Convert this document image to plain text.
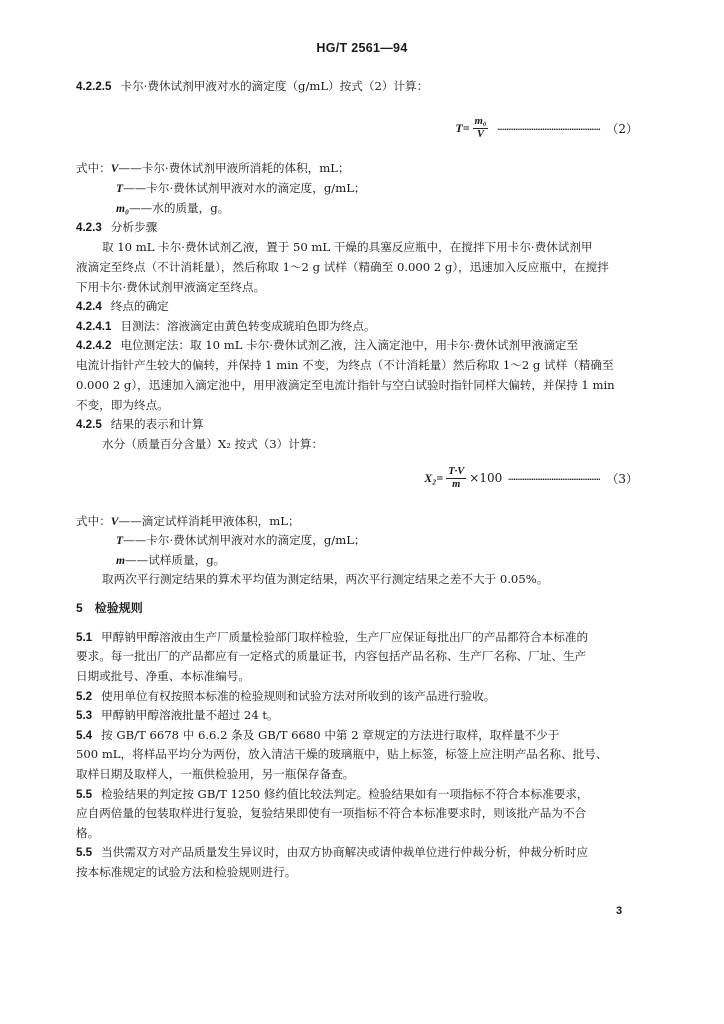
HG/T 2561—94
4.2.2.5 卡尔·费休试剂甲液对水的滴定度（g/mL）按式（2）计算：
$T= \frac{\text{m₀}}{V}$ ………………………………………………… （2）
式中：V——卡尔·费休试剂甲液所消耗的体积，mL；
T——卡尔·费休试剂甲液对水的滴定度，g/mL；
m₀——水的质量，g。
4.2.3 分析步骤
取 10 mL 卡尔·费休试剂乙液，置于 50 mL 干燥的具塞反应瓶中，在搅拌下用卡尔·费休试剂甲
液滴定至终点（不计消耗量），然后称取 1～2 g 试样（精确至 0.000 2 g），迅速加入反应瓶中，在搅拌
下用卡尔·费休试剂甲液滴定至终点。
4.2.4 终点的确定
4.2.4.1 目测法：溶液滴定由黄色转变成琥珀色即为终点。
4.2.4.2 电位测定法：取 10 mL 卡尔·费休试剂乙液，注入滴定池中，用卡尔·费休试剂甲液滴定至
电流计指针产生较大的偏转，并保持 1 min 不变，为终点（不计消耗量）然后称取 1～2 g 试样（精确至
0.000 2 g），迅速加入滴定池中，用甲液滴定至电流计指针与空白试验时指针同样大偏转，并保持 1 min
不变，即为终点。
4.2.5 结果的表示和计算
水分（质量百分含量）X₂ 按式（3）计算：
$X_2= \frac{T\cdot V}{m} \times 100$ …………………………………………… （3）
式中：V——滴定试样消耗甲液体积，mL；
T——卡尔·费休试剂甲液对水的滴定度，g/mL；
m——试样质量，g。
取两次平行测定结果的算术平均值为测定结果，两次平行测定结果之差不大于 0.05%。
5 检验规则
5.1 甲醇钠甲醇溶液由生产厂质量检验部门取样检验，生产厂应保证每批出厂的产品都符合本标准的
要求。每一批出厂的产品都应有一定格式的质量证书，内容包括产品名称、生产厂名称、厂址、生产
日期或批号、净重、本标准编号。
5.2 使用单位有权按照本标准的检验规则和试验方法对所收到的该产品进行验收。
5.3 甲醇钠甲醇溶液批量不超过 24 t。
5.4 按 GB/T 6678 中 6.6.2 条及 GB/T 6680 中第 2 章规定的方法进行取样，取样量不少于
500 mL，将样品平均分为两份，放入清洁干燥的玻璃瓶中，贴上标签，标签上应注明产品名称、批号、
取样日期及取样人，一瓶供检验用，另一瓶保存备查。
5.5 检验结果的判定按 GB/T 1250 修约值比较法判定。检验结果如有一项指标不符合本标准要求，
应自两倍量的包装取样进行复验，复验结果即使有一项指标不符合本标准要求时，则该批产品为不合
格。
5.5 当供需双方对产品质量发生异议时，由双方协商解决或请仲裁单位进行仲裁分析，仲裁分析时应
按本标准规定的试验方法和检验规则进行。
3
